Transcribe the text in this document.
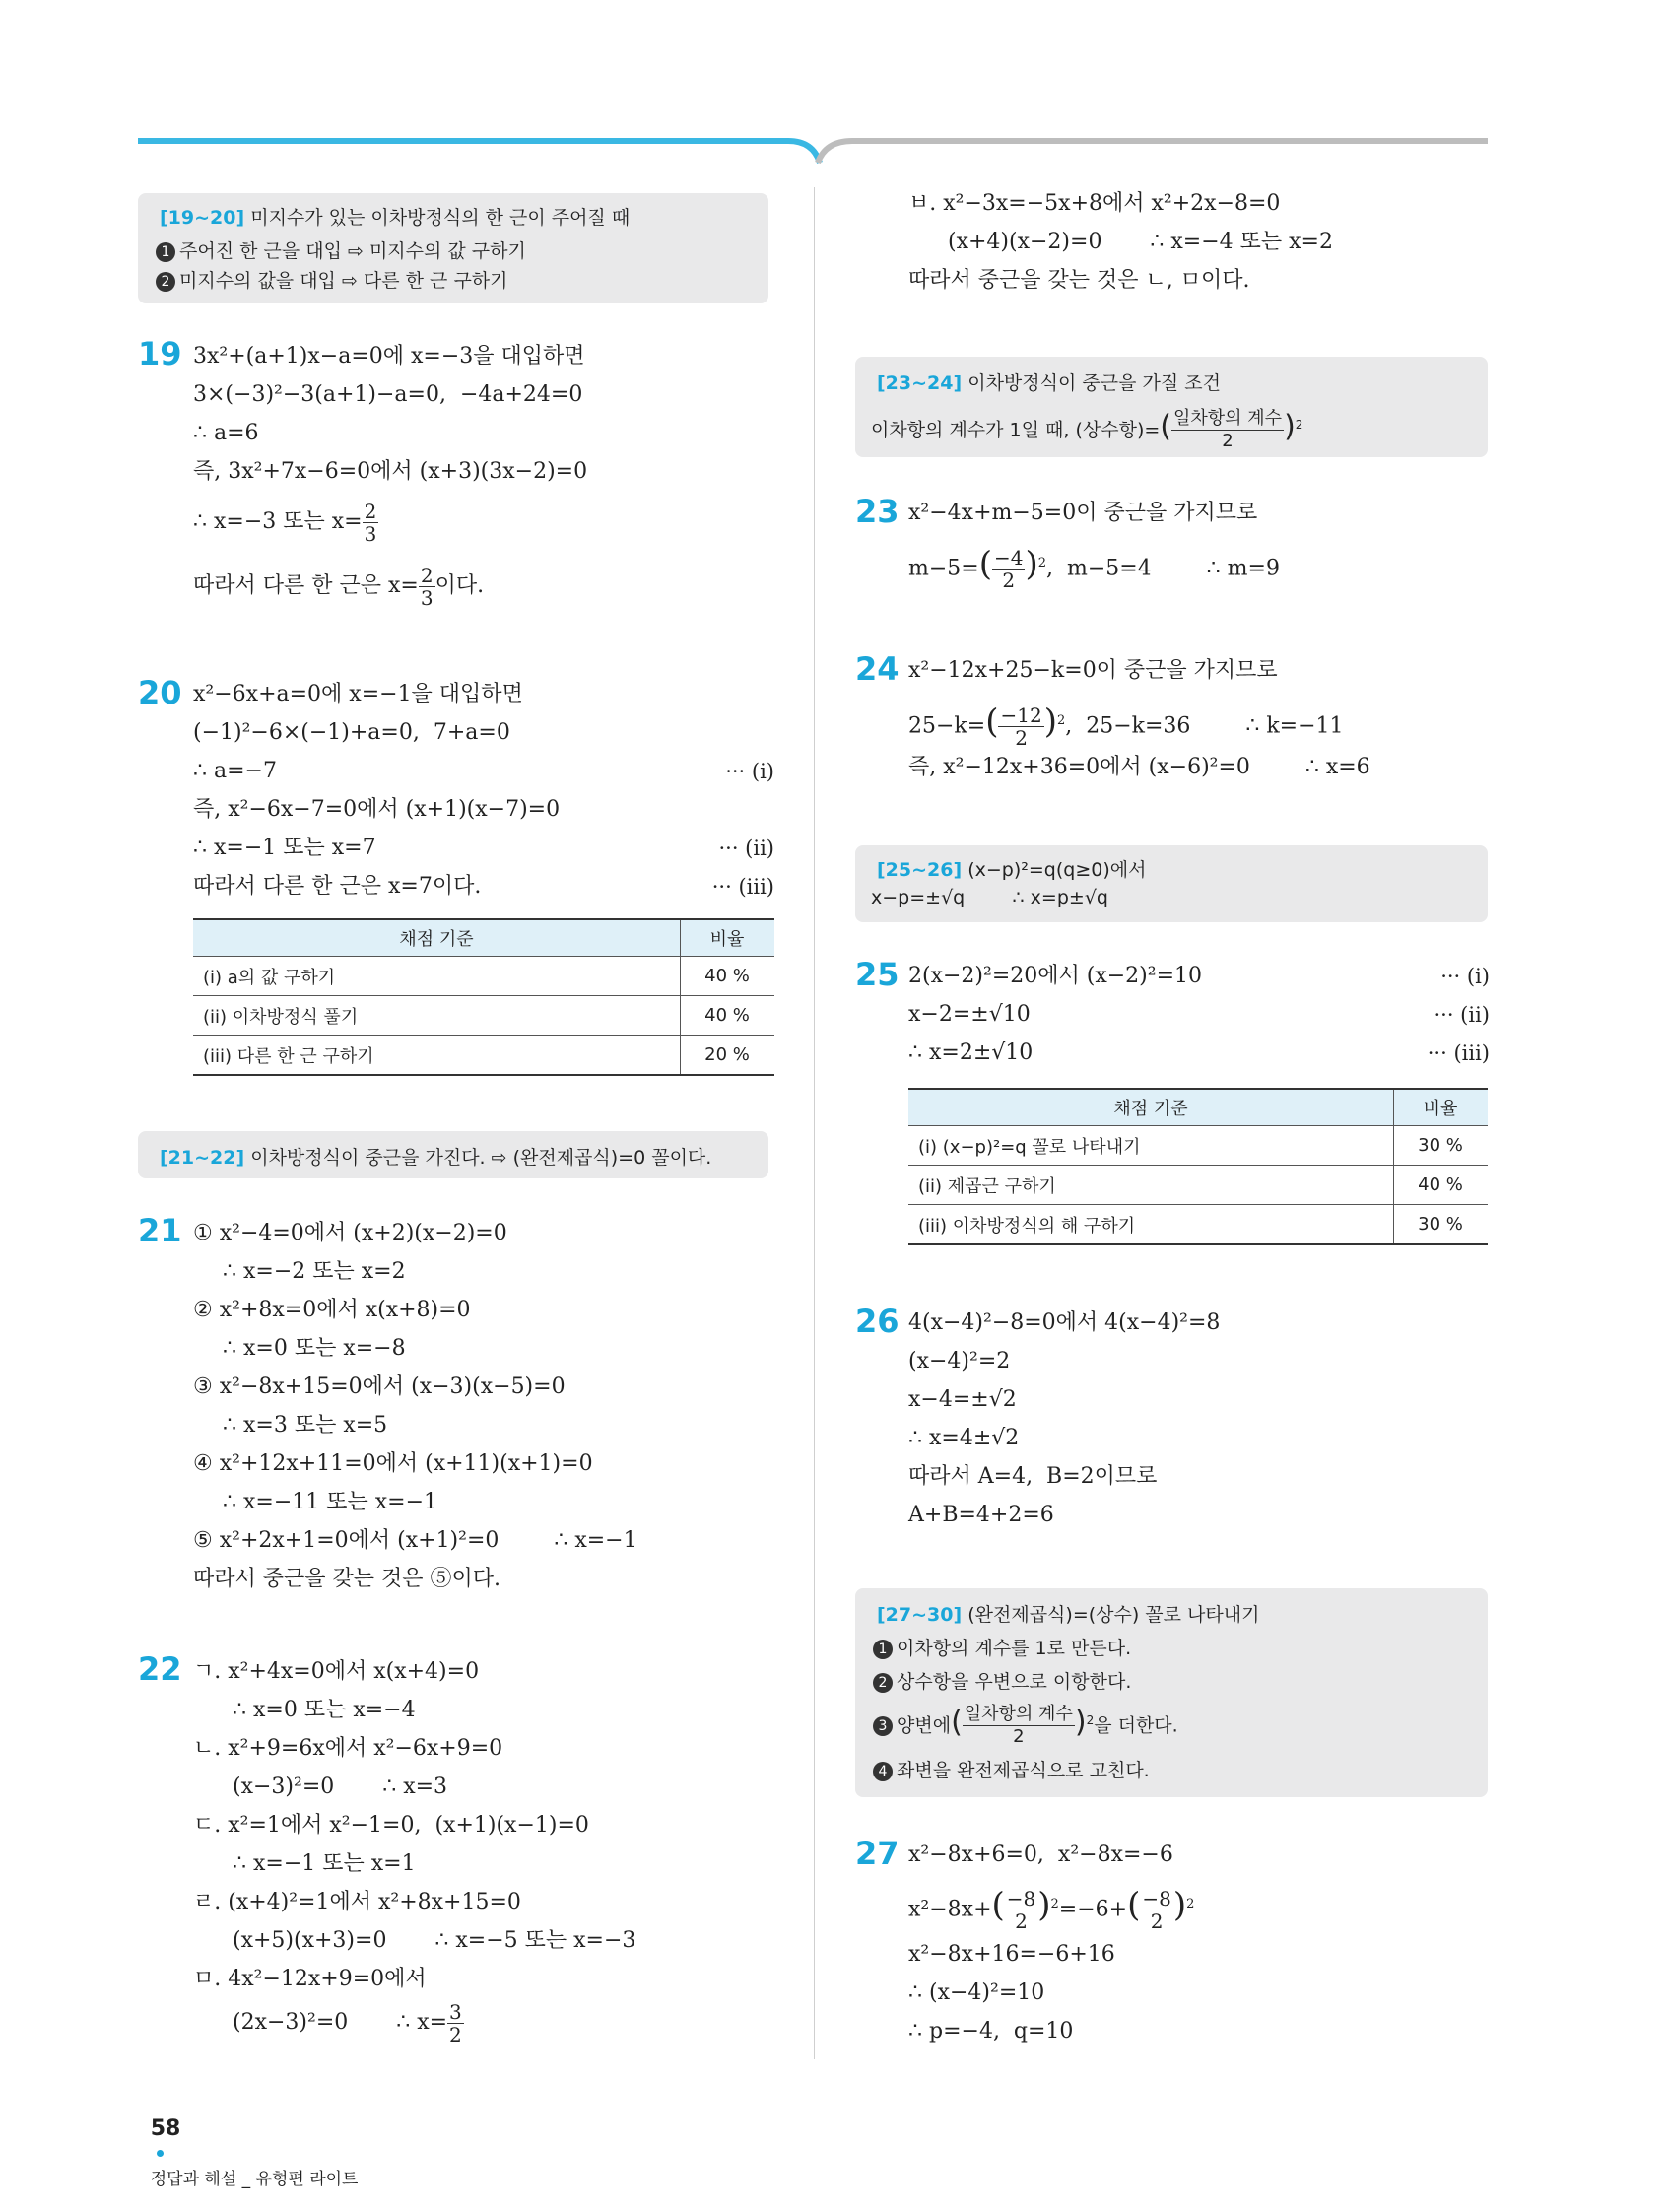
[19~20] 미지수가 있는 이차방정식의 한 근이 주어질 때
1 주어진 한 근을 대입 ⇨ 미지수의 값 구하기
2 미지수의 값을 대입 ⇨ 다른 한 근 구하기
19 3x²+(a+1)x−a=0에 x=−3을 대입하면
3×(−3)²−3(a+1)−a=0,  −4a+24=0
∴ a=6
즉, 3x²+7x−6=0에서 (x+3)(3x−2)=0
∴ x=−3 또는 $x= \frac{2}{3}$
따라서 다른 한 근은 $x= \frac{2}{3}$ 이다.
20 x²−6x+a=0에 x=−1을 대입하면
(−1)²−6×(−1)+a=0,  7+a=0
∴ a=−7	··· (i)
즉, x²−6x−7=0에서 (x+1)(x−7)=0
∴ x=−1 또는 x=7	··· (ii)
따라서 다른 한 근은 x=7이다.	··· (iii)
채점 기준	비율
(i) a의 값 구하기	40 %
(ii) 이차방정식 풀기	40 %
(iii) 다른 한 근 구하기	20 %
[21~22] 이차방정식이 중근을 가진다. ⇨ (완전제곱식)=0 꼴이다.
21 ① x²−4=0에서 (x+2)(x−2)=0
∴ x=−2 또는 x=2
② x²+8x=0에서 x(x+8)=0
∴ x=0 또는 x=−8
③ x²−8x+15=0에서 (x−3)(x−5)=0
∴ x=3 또는 x=5
④ x²+12x+11=0에서 (x+11)(x+1)=0
∴ x=−11 또는 x=−1
⑤ x²+2x+1=0에서 (x+1)²=0        ∴ x=−1
따라서 중근을 갖는 것은 ⑤이다.
22 ㄱ. x²+4x=0에서 x(x+4)=0
∴ x=0 또는 x=−4
ㄴ. x²+9=6x에서 x²−6x+9=0
(x−3)²=0       ∴ x=3
ㄷ. x²=1에서 x²−1=0,  (x+1)(x−1)=0
∴ x=−1 또는 x=1
ㄹ. (x+4)²=1에서 x²+8x+15=0
(x+5)(x+3)=0       ∴ x=−5 또는 x=−3
ㅁ. 4x²−12x+9=0에서
(2x−3)²=0       ∴ $x= \frac{3}{2}$
ㅂ. x²−3x=−5x+8에서 x²+2x−8=0
(x+4)(x−2)=0       ∴ x=−4 또는 x=2
따라서 중근을 갖는 것은 ㄴ, ㅁ이다.
[23~24] 이차방정식이 중근을 가질 조건
이차항의 계수가 1일 때, (상수항)=( $\frac{\text{일차항의 계수}}{2} )^2$
23 x²−4x+m−5=0이 중근을 가지므로
$m-5=( \frac{-4}{2} )^2$,  m−5=4        ∴ m=9
24 x²−12x+25−k=0이 중근을 가지므로
$25-k=( \frac{-12}{2} )^2$,  25−k=36        ∴ k=−11
즉, x²−12x+36=0에서 (x−6)²=0        ∴ x=6
[25~26] (x−p)²=q(q≥0)에서
x−p=±√q        ∴ x=p±√q
25 2(x−2)²=20에서 (x−2)²=10	··· (i)
x−2=±√10	··· (ii)
∴ x=2±√10	··· (iii)
채점 기준	비율
(i) (x−p)²=q 꼴로 나타내기	30 %
(ii) 제곱근 구하기	40 %
(iii) 이차방정식의 해 구하기	30 %
26 4(x−4)²−8=0에서 4(x−4)²=8
(x−4)²=2
x−4=±√2
∴ x=4±√2
따라서 A=4,  B=2이므로
A+B=4+2=6
[27~30] (완전제곱식)=(상수) 꼴로 나타내기
1 이차항의 계수를 1로 만든다.
2 상수항을 우변으로 이항한다.
3 양변에( $\frac{\text{일차항의 계수}}{2} )^2$을 더한다.
4 좌변을 완전제곱식으로 고친다.
27 x²−8x+6=0,  x²−8x=−6
$x^2-8x+( \frac{-8}{2} )^2=-6+( \frac{-8}{2} )^2$
x²−8x+16=−6+16
∴ (x−4)²=10
∴ p=−4,  q=10

58

정답과 해설 _ 유형편 라이트
